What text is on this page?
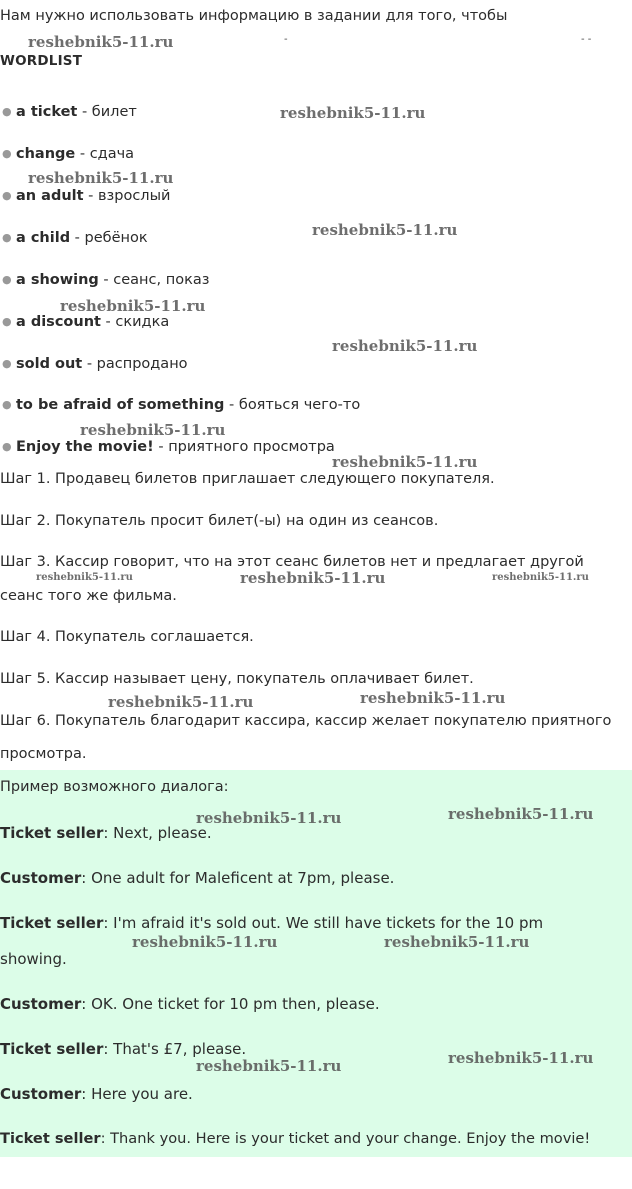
Нам нужно использовать информацию в задании для того, чтобы
-	- -
WORDLIST
● a ticket - билет
● change - сдача
● an adult - взрослый
● a child - ребёнок
● a showing - сеанс, показ
● a discount - скидка
● sold out - распродано
● to be afraid of something - бояться чего-то
● Enjoy the movie! - приятного просмотра
Шаг 1. Продавец билетов приглашает следующего покупателя.
Шаг 2. Покупатель просит билет(-ы) на один из сеансов.
Шаг 3. Кассир говорит, что на этот сеанс билетов нет и предлагает другой
сеанс того же фильма.
Шаг 4. Покупатель соглашается.
Шаг 5. Кассир называет цену, покупатель оплачивает билет.
Шаг 6. Покупатель благодарит кассира, кассир желает покупателю приятного
просмотра.
Пример возможного диалога:
Ticket seller: Next, please.
Customer: One adult for Maleficent at 7pm, please.
Ticket seller: I'm afraid it's sold out. We still have tickets for the 10 pm
showing.
Customer: OK. One ticket for 10 pm then, please.
Ticket seller: That's £7, please.
Customer: Here you are.
Ticket seller: Thank you. Here is your ticket and your change. Enjoy the movie!
reshebnik5-11.ru
reshebnik5-11.ru
reshebnik5-11.ru
reshebnik5-11.ru
reshebnik5-11.ru
reshebnik5-11.ru
reshebnik5-11.ru
reshebnik5-11.ru
reshebnik5-11.ru	reshebnik5-11.ru	reshebnik5-11.ru
reshebnik5-11.ru	reshebnik5-11.ru
reshebnik5-11.ru	reshebnik5-11.ru
reshebnik5-11.ru	reshebnik5-11.ru
reshebnik5-11.ru	reshebnik5-11.ru
